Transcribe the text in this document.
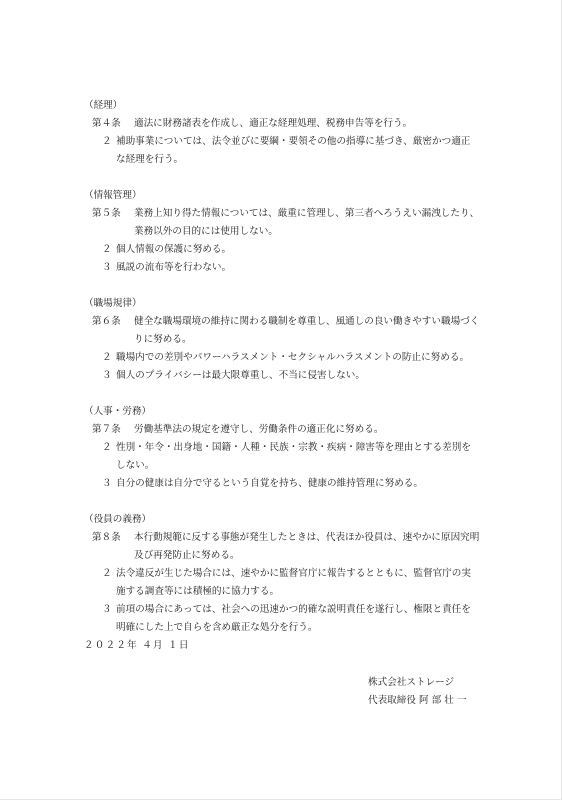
（経理）
第４条 適法に財務諸表を作成し、適正な経理処理、税務申告等を行う。
２ 補助事業については、法令並びに要綱・要領その他の指導に基づき、厳密かつ適正
な経理を行う。
（情報管理）
第５条 業務上知り得た情報については、厳重に管理し、第三者へろうえい漏洩したり、
業務以外の目的には使用しない。
２ 個人情報の保護に努める。
３ 風説の流布等を行わない。
（職場規律）
第６条 健全な職場環境の維持に関わる職制を尊重し、風通しの良い働きやすい職場づく
りに努める。
２ 職場内での差別やパワーハラスメント・セクシャルハラスメントの防止に努める。
３ 個人のプライバシーは最大限尊重し、不当に侵害しない。
（人事・労務）
第７条 労働基準法の規定を遵守し、労働条件の適正化に努める。
２ 性別・年令・出身地・国籍・人種・民族・宗教・疾病・障害等を理由とする差別を
しない。
３ 自分の健康は自分で守るという自覚を持ち、健康の維持管理に努める。
（役員の義務）
第８条 本行動規範に反する事態が発生したときは、代表ほか役員は、速やかに原因究明
及び再発防止に努める。
２ 法令違反が生じた場合には、速やかに監督官庁に報告するとともに、監督官庁の実
施する調査等には積極的に協力する。
３ 前項の場合にあっては、社会への迅速かつ的確な説明責任を遂行し、権限と責任を
明確にした上で自らを含め厳正な処分を行う。
２０２２年 ４月 １日
株式会社ストレージ
代表取締役 阿 部 壮 一
